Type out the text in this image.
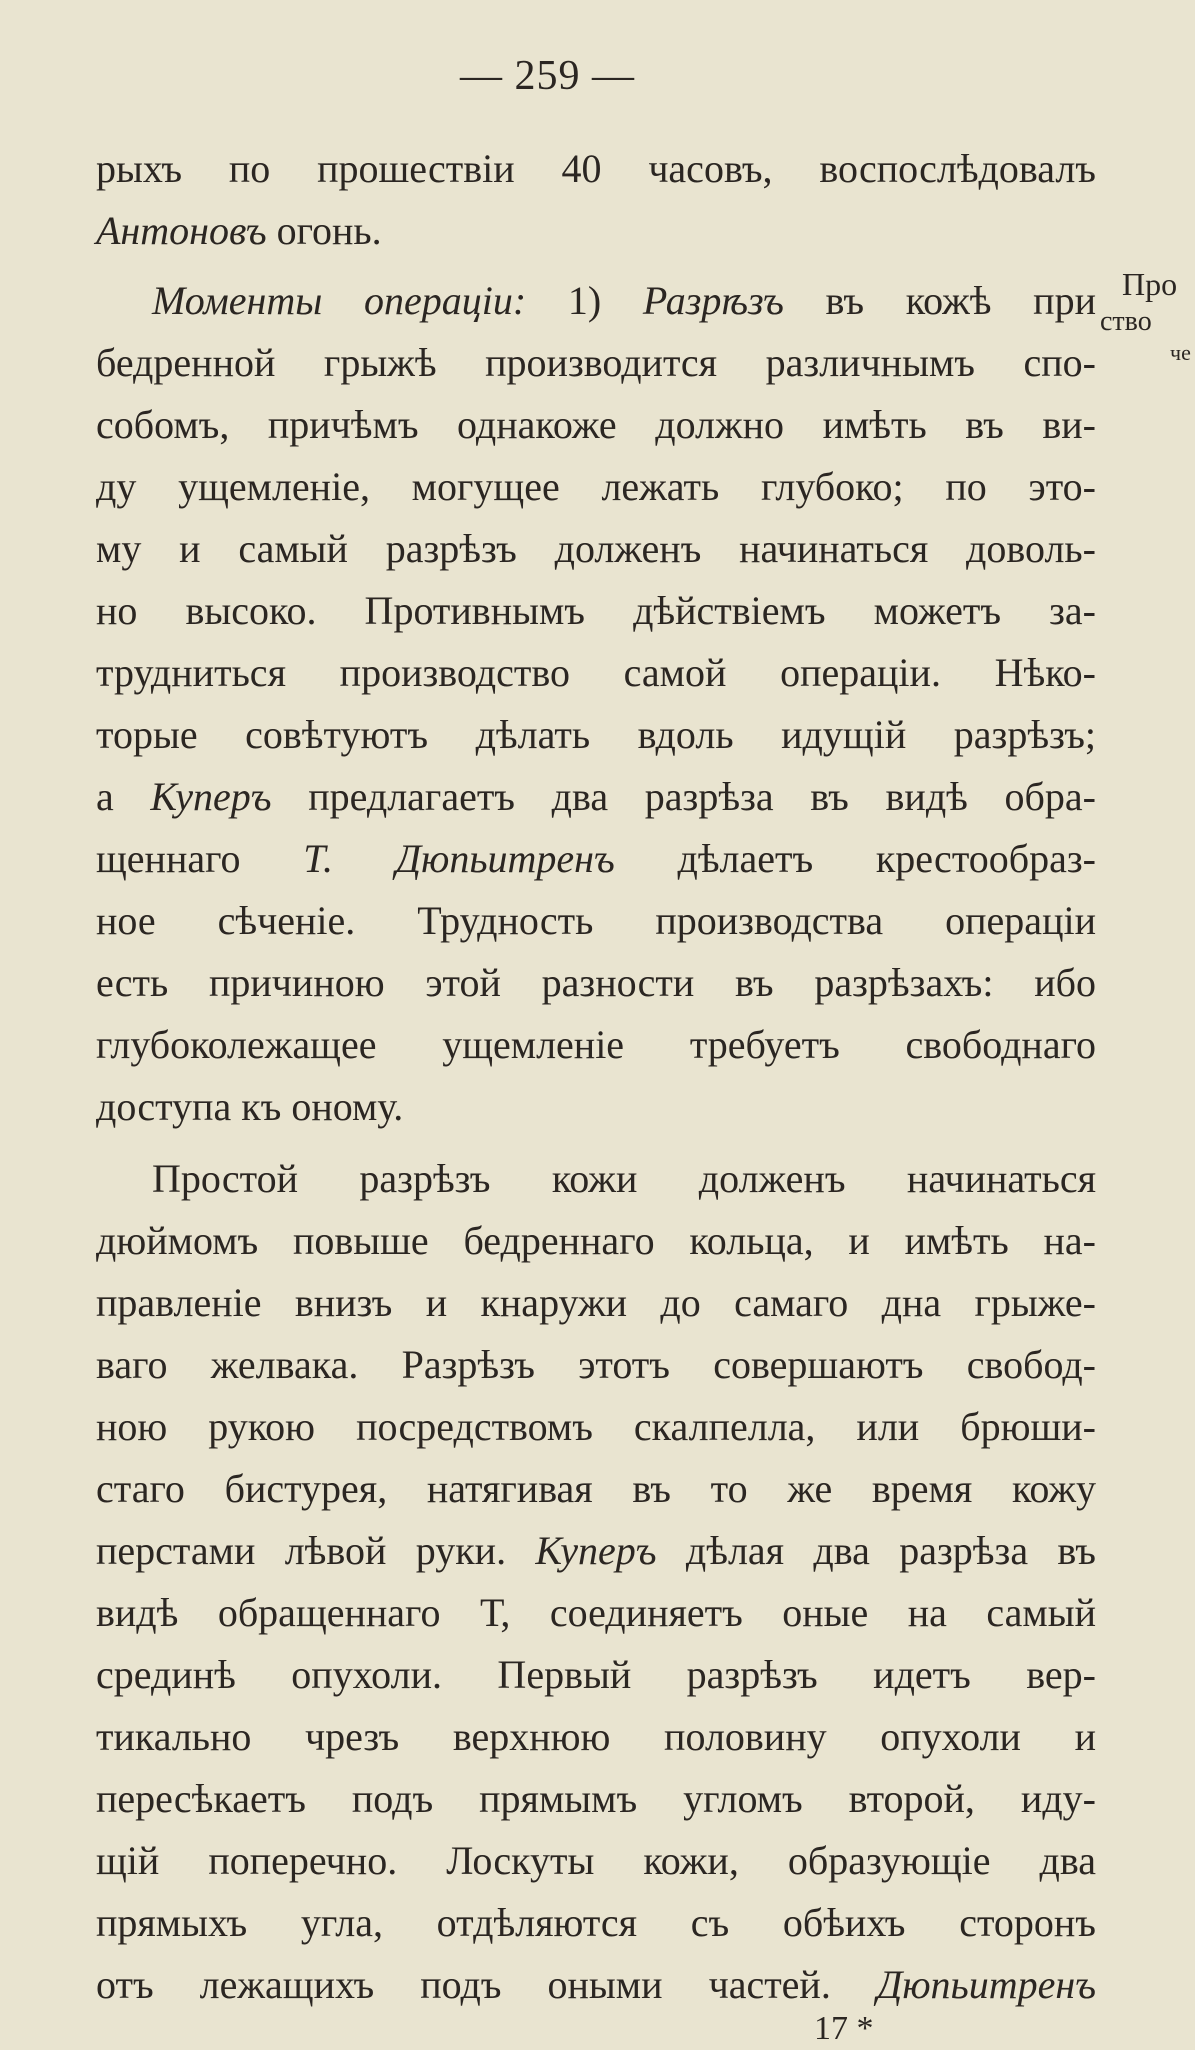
— 259 —
Про
ство
че
рыхъ по прошествiи 40 часовъ, воспослѣдовалъ
Антоновъ огонь.
Моменты операцiи: 1) Разрѣзъ въ кожѣ при
бедренной грыжѣ производится различнымъ спо-
собомъ, причѣмъ однакоже должно имѣть въ ви-
ду ущемленiе, могущее лежать глубоко; по это-
му и самый разрѣзъ долженъ начинаться доволь-
но высоко. Противнымъ дѣйствiемъ можетъ за-
трудниться производство самой операцiи. Нѣко-
торые совѣтуютъ дѣлать вдоль идущiй разрѣзъ;
а Куперъ предлагаетъ два разрѣза въ видѣ обра-
щеннаго Т. Дюпьитренъ дѣлаетъ крестообраз-
ное сѣченiе. Трудность производства операцiи
есть причиною этой разности въ разрѣзахъ: ибо
глубоколежащее ущемленiе требуетъ свободнаго
доступа къ оному.
Простой разрѣзъ кожи долженъ начинаться
дюймомъ повыше бедреннаго кольца, и имѣть на-
правленiе внизъ и кнаружи до самаго дна грыже-
ваго желвака. Разрѣзъ этотъ совершаютъ свобод-
ною рукою посредствомъ скалпелла, или брюши-
стаго бистурея, натягивая въ то же время кожу
перстами лѣвой руки. Куперъ дѣлая два разрѣза въ
видѣ обращеннаго Т, соединяетъ оные на самый
срединѣ опухоли. Первый разрѣзъ идетъ вер-
тикально чрезъ верхнюю половину опухоли и
пересѣкаетъ подъ прямымъ угломъ второй, иду-
щiй поперечно. Лоскуты кожи, образующiе два
прямыхъ угла, отдѣляются съ обѣихъ сторонъ
отъ лежащихъ подъ оными частей. Дюпьитренъ
17 *
